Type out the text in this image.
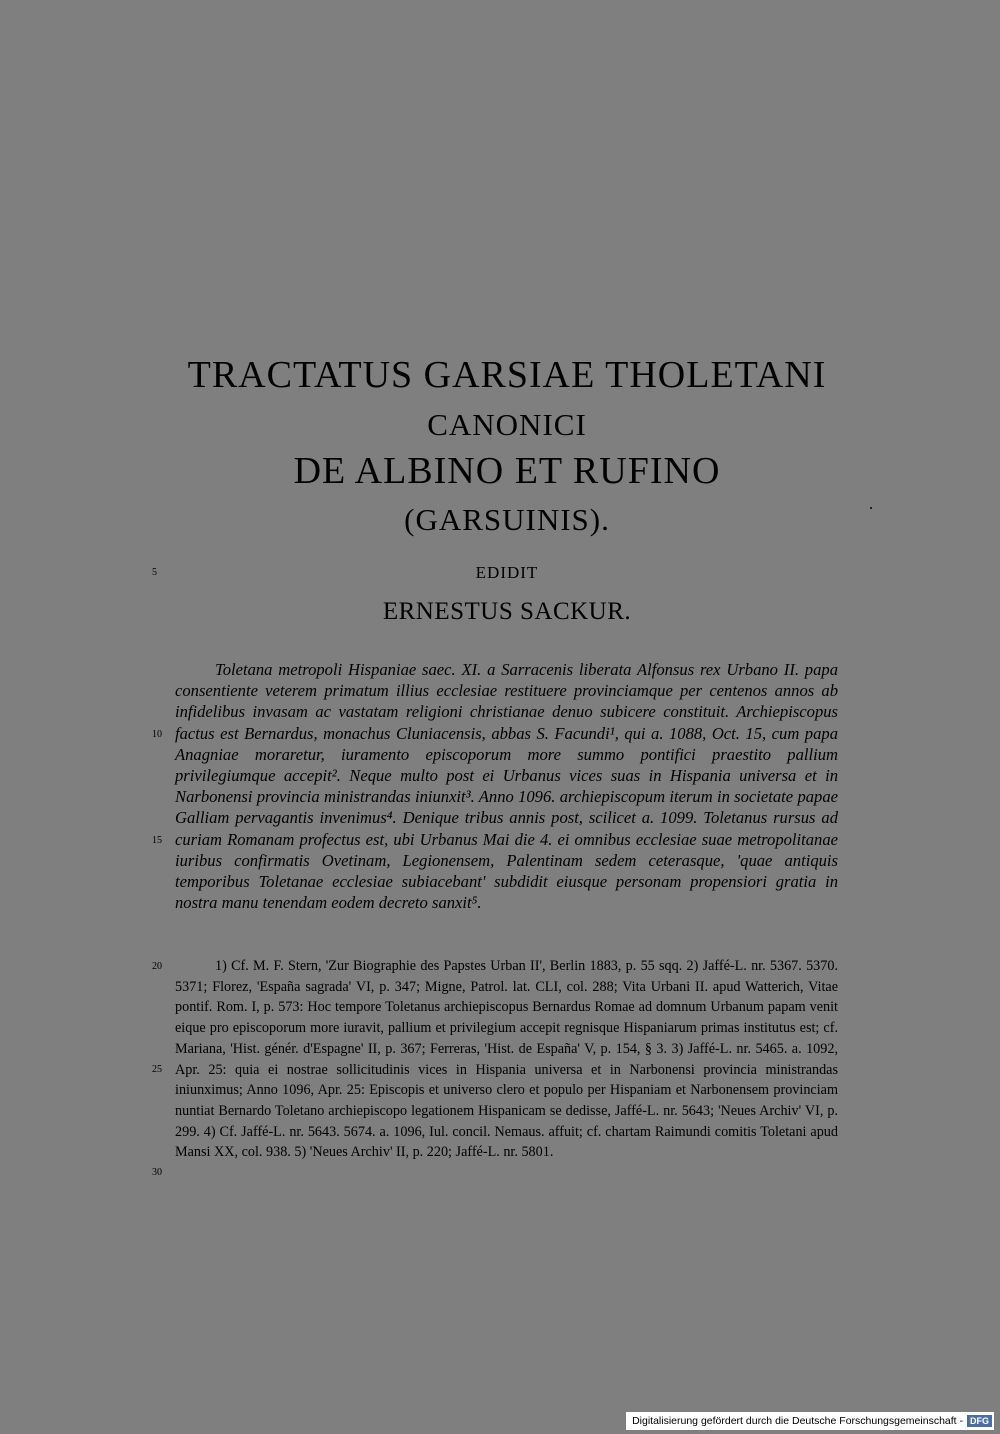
TRACTATUS GARSIAE THOLETANI
CANONICI
DE ALBINO ET RUFINO
(GARSUINIS).
EDIDIT
ERNESTUS SACKUR.
5
10
15
20
25
30

Toletana metropoli Hispaniae saec. XI. a Sarracenis liberata Alfonsus rex Urbano II. papa consentiente veterem primatum illius ecclesiae restituere provinciamque per centenos annos ab infidelibus invasam ac vastatam religioni christianae denuo subicere constituit. Archiepiscopus factus est Bernardus, monachus Cluniacensis, abbas S. Facundi¹, qui a. 1088, Oct. 15, cum papa Anagniae moraretur, iuramento episcoporum more summo pontifici praestito pallium privilegiumque accepit². Neque multo post ei Urbanus vices suas in Hispania universa et in Narbonensi provincia ministrandas iniunxit³. Anno 1096. archiepiscopum iterum in societate papae Galliam pervagantis invenimus⁴. Denique tribus annis post, scilicet a. 1099. Toletanus rursus ad curiam Romanam profectus est, ubi Urbanus Mai die 4. ei omnibus ecclesiae suae metropolitanae iuribus confirmatis Ovetinam, Legionensem, Palentinam sedem ceterasque, 'quae antiquis temporibus Toletanae ecclesiae subiacebant' subdidit eiusque personam propensiori gratia in nostra manu tenendam eodem decreto sanxit⁵.

1) Cf. M. F. Stern, 'Zur Biographie des Papstes Urban II', Berlin 1883, p. 55 sqq. 2) Jaffé-L. nr. 5367. 5370. 5371; Florez, 'España sagrada' VI, p. 347; Migne, Patrol. lat. CLI, col. 288; Vita Urbani II. apud Watterich, Vitae pontif. Rom. I, p. 573: Hoc tempore Toletanus archiepiscopus Bernardus Romae ad domnum Urbanum papam venit eique pro episcoporum more iuravit, pallium et privilegium accepit regnisque Hispaniarum primas institutus est; cf. Mariana, 'Hist. génér. d'Espagne' II, p. 367; Ferreras, 'Hist. de España' V, p. 154, § 3. 3) Jaffé-L. nr. 5465. a. 1092, Apr. 25: quia ei nostrae sollicitudinis vices in Hispania universa et in Narbonensi provincia ministrandas iniunximus; Anno 1096, Apr. 25: Episcopis et universo clero et populo per Hispaniam et Narbonensem provinciam nuntiat Bernardo Toletano archiepiscopo legationem Hispanicam se dedisse, Jaffé-L. nr. 5643; 'Neues Archiv' VI, p. 299. 4) Cf. Jaffé-L. nr. 5643. 5674. a. 1096, Iul. concil. Nemaus. affuit; cf. chartam Raimundi comitis Toletani apud Mansi XX, col. 938. 5) 'Neues Archiv' II, p. 220; Jaffé-L. nr. 5801.

Digitalisierung gefördert durch die Deutsche Forschungsgemeinschaft - DFG
